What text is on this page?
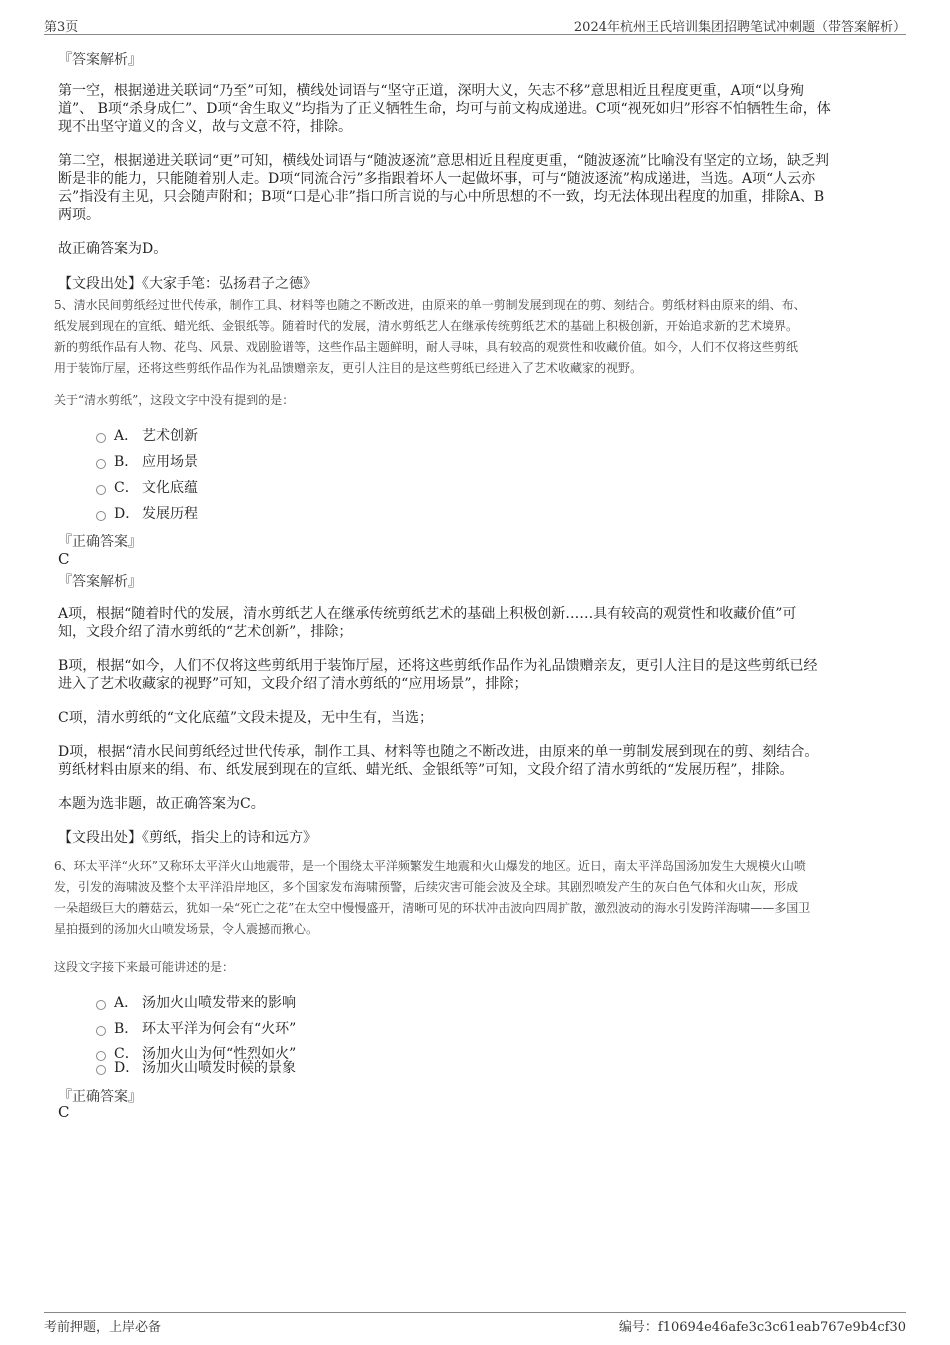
第3页	2024年杭州王氏培训集团招聘笔试冲刺题（带答案解析）
『答案解析』
第一空，根据递进关联词“乃至”可知，横线处词语与“坚守正道，深明大义，矢志不移”意思相近且程度更重，A项“以身殉
道”、 B项“杀身成仁”、D项“舍生取义”均指为了正义牺牲生命，均可与前文构成递进。C项“视死如归”形容不怕牺牲生命，体
现不出坚守道义的含义，故与文意不符，排除。
第二空，根据递进关联词“更”可知，横线处词语与“随波逐流”意思相近且程度更重，“随波逐流”比喻没有坚定的立场，缺乏判
断是非的能力，只能随着别人走。D项“同流合污”多指跟着坏人一起做坏事，可与“随波逐流”构成递进，当选。A项“人云亦
云”指没有主见，只会随声附和；B项“口是心非”指口所言说的与心中所思想的不一致，均无法体现出程度的加重，排除A、B
两项。
故正确答案为D。
【文段出处】《大家手笔：弘扬君子之德》
5、清水民间剪纸经过世代传承，制作工具、材料等也随之不断改进，由原来的单一剪制发展到现在的剪、刻结合。剪纸材料由原来的绢、布、
纸发展到现在的宣纸、蜡光纸、金银纸等。随着时代的发展，清水剪纸艺人在继承传统剪纸艺术的基础上积极创新，开始追求新的艺术境界。
新的剪纸作品有人物、花鸟、风景、戏剧脸谱等，这些作品主题鲜明，耐人寻味，具有较高的观赏性和收藏价值。如今，人们不仅将这些剪纸
用于装饰厅屋，还将这些剪纸作品作为礼品馈赠亲友，更引人注目的是这些剪纸已经进入了艺术收藏家的视野。
关于“清水剪纸”，这段文字中没有提到的是：
A． 艺术创新
B． 应用场景
C． 文化底蕴
D． 发展历程
『正确答案』
C
『答案解析』
A项，根据“随着时代的发展，清水剪纸艺人在继承传统剪纸艺术的基础上积极创新……具有较高的观赏性和收藏价值”可
知，文段介绍了清水剪纸的“艺术创新”，排除；
B项，根据“如今，人们不仅将这些剪纸用于装饰厅屋，还将这些剪纸作品作为礼品馈赠亲友，更引人注目的是这些剪纸已经
进入了艺术收藏家的视野”可知，文段介绍了清水剪纸的“应用场景”，排除；
C项，清水剪纸的“文化底蕴”文段未提及，无中生有，当选；
D项，根据“清水民间剪纸经过世代传承，制作工具、材料等也随之不断改进，由原来的单一剪制发展到现在的剪、刻结合。
剪纸材料由原来的绢、布、纸发展到现在的宣纸、蜡光纸、金银纸等”可知，文段介绍了清水剪纸的“发展历程”，排除。
本题为选非题，故正确答案为C。
【文段出处】《剪纸，指尖上的诗和远方》
6、环太平洋“火环”又称环太平洋火山地震带，是一个围绕太平洋频繁发生地震和火山爆发的地区。近日，南太平洋岛国汤加发生大规模火山喷
发，引发的海啸波及整个太平洋沿岸地区，多个国家发布海啸预警，后续灾害可能会波及全球。其剧烈喷发产生的灰白色气体和火山灰，形成
一朵超级巨大的蘑菇云，犹如一朵“死亡之花”在太空中慢慢盛开，清晰可见的环状冲击波向四周扩散，激烈波动的海水引发跨洋海啸——多国卫
星拍摄到的汤加火山喷发场景，令人震撼而揪心。
这段文字接下来最可能讲述的是：
A． 汤加火山喷发带来的影响
B． 环太平洋为何会有“火环”
C． 汤加火山为何“性烈如火”
D． 汤加火山喷发时候的景象
『正确答案』
C
考前押题，上岸必备	编号：f10694e46afe3c3c61eab767e9b4cf30
